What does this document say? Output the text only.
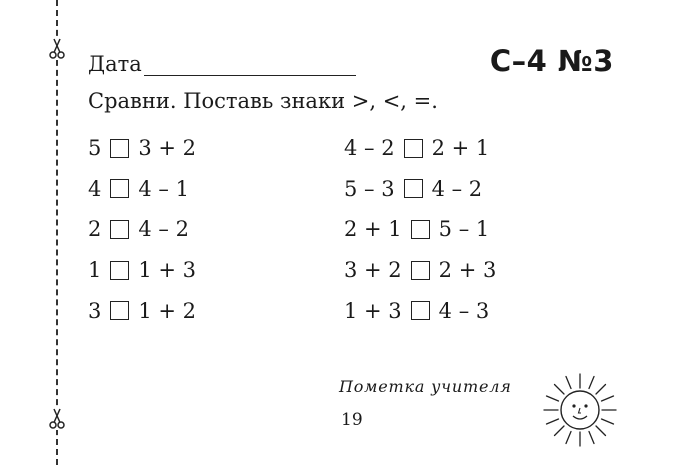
Дата	С–4 №3
Сравни. Поставь знаки >, <, =.
5 3 + 2
4 4 – 1
2 4 – 2
1 1 + 3
3 1 + 2
4 – 2 2 + 1
5 – 3 4 – 2
2 + 1 5 – 1
3 + 2 2 + 3
1 + 3 4 – 3
Пометка учителя
19
